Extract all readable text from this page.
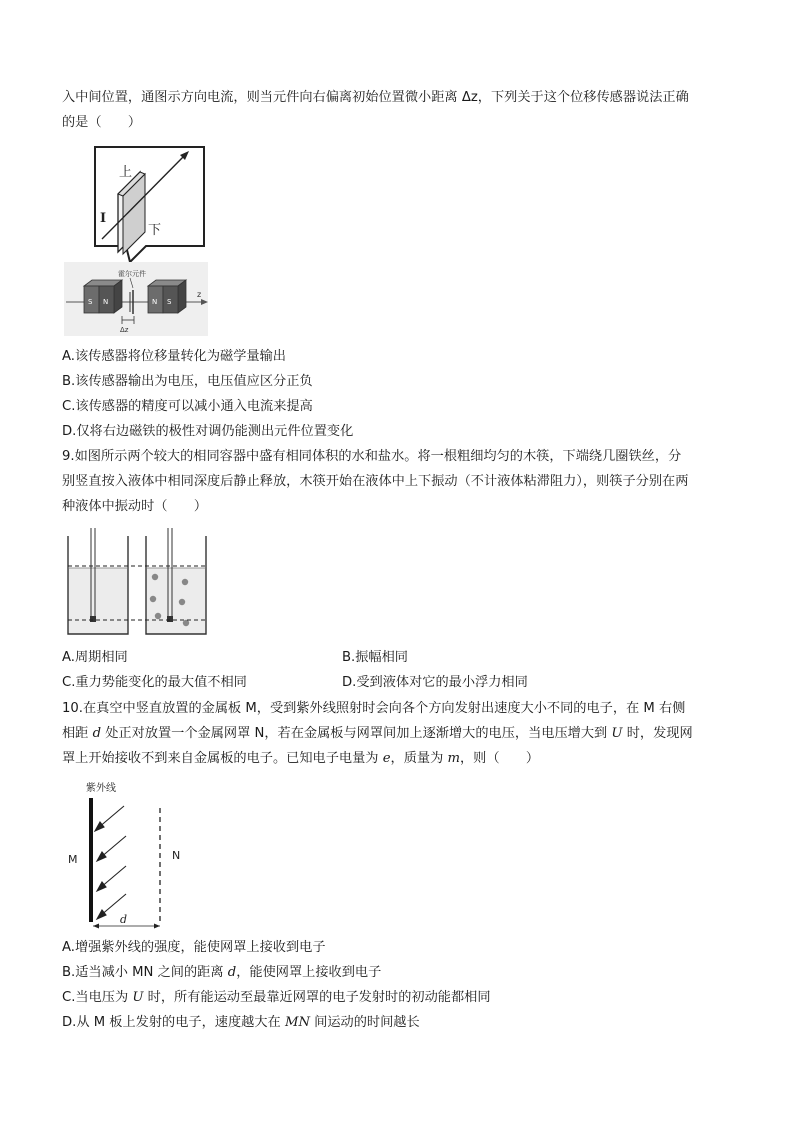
入中间位置，通图示方向电流，则当元件向右偏离初始位置微小距离 Δz，下列关于这个位移传感器说法正确
的是（　　）
上
下
I
z
S N	N S
霍尔元件
Δz
A.该传感器将位移量转化为磁学量输出
B.该传感器输出为电压，电压值应区分正负
C.该传感器的精度可以减小通入电流来提高
D.仅将右边磁铁的极性对调仍能测出元件位置变化
9.如图所示两个较大的相同容器中盛有相同体积的水和盐水。将一根粗细均匀的木筷，下端绕几圈铁丝，分
别竖直按入液体中相同深度后静止释放，木筷开始在液体中上下振动（不计液体粘滞阻力），则筷子分别在两
种液体中振动时（　　）
A.周期相同	B.振幅相同
C.重力势能变化的最大值不相同	D.受到液体对它的最小浮力相同
10.在真空中竖直放置的金属板 M，受到紫外线照射时会向各个方向发射出速度大小不同的电子，在 M 右侧
相距 d 处正对放置一个金属网罩 N，若在金属板与网罩间加上逐渐增大的电压，当电压增大到 U 时，发现网
罩上开始接收不到来自金属板的电子。已知电子电量为 e，质量为 m，则（　　）
紫外线
M	N
d
A.增强紫外线的强度，能使网罩上接收到电子
B.适当减小 MN 之间的距离 d，能使网罩上接收到电子
C.当电压为 U 时，所有能运动至最靠近网罩的电子发射时的初动能都相同
D.从 M 板上发射的电子，速度越大在 MN 间运动的时间越长
